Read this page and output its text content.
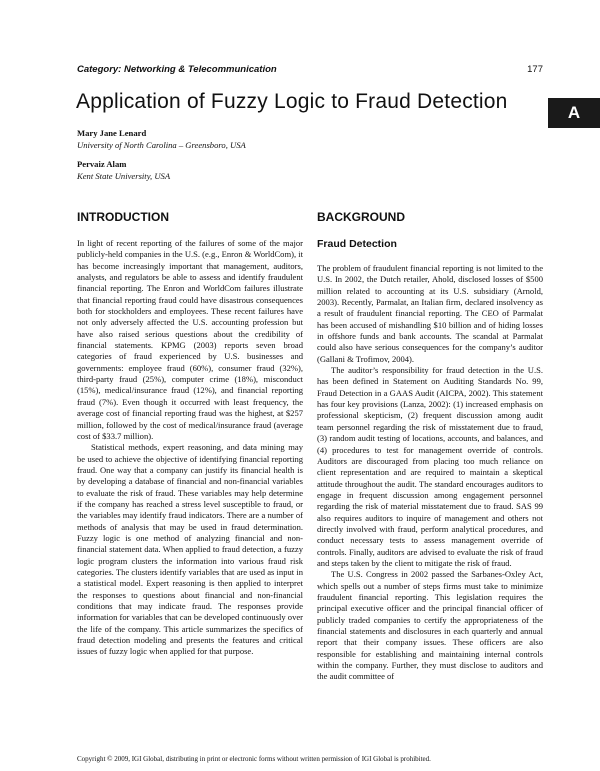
Category: Networking & Telecommunication	177

Application of Fuzzy Logic to Fraud Detection	A

Mary Jane Lenard

University of North Carolina – Greensboro, USA

Pervaiz Alam

Kent State University, USA

INTRODUCTION

In light of recent reporting of the failures of some of the major publicly-held companies in the U.S. (e.g., Enron & WorldCom), it has become increasingly important that management, auditors, analysts, and regulators be able to assess and identify fraudulent financial reporting. The Enron and WorldCom failures illustrate that financial reporting fraud could have disastrous consequences both for stockholders and employees. These recent failures have not only adversely affected the U.S. accounting profession but have also raised serious questions about the credibility of financial statements. KPMG (2003) reports seven broad categories of fraud experienced by U.S. businesses and governments: employee fraud (60%), consumer fraud (32%), third-party fraud (25%), computer crime (18%), misconduct (15%), medical/insurance fraud (12%), and financial reporting fraud (7%). Even though it occurred with least frequency, the average cost of financial reporting fraud was the highest, at $257 million, followed by the cost of medical/insurance fraud (average cost of $33.7 million).

Statistical methods, expert reasoning, and data mining may be used to achieve the objective of identifying financial reporting fraud. One way that a company can justify its financial health is by developing a database of financial and non-financial variables to evaluate the risk of fraud. These variables may help determine if the company has reached a stress level susceptible to fraud, or the variables may identify fraud indicators. There are a number of methods of analysis that may be used in fraud determination. Fuzzy logic is one method of analyzing financial and non-financial statement data. When applied to fraud detection, a fuzzy logic program clusters the information into various fraud risk categories. The clusters identify variables that are used as input in a statistical model. Expert reasoning is then applied to interpret the responses to questions about financial and non-financial conditions that may indicate fraud. The responses provide information for variables that can be developed continuously over the life of the company. This article summarizes the specifics of fraud detection modeling and presents the features and critical issues of fuzzy logic when applied for that purpose.

BACKGROUND
Fraud Detection

The problem of fraudulent financial reporting is not limited to the U.S. In 2002, the Dutch retailer, Ahold, disclosed losses of $500 million related to accounting at its U.S. subsidiary (Arnold, 2003). Recently, Parmalat, an Italian firm, declared insolvency as a result of fraudulent financial reporting. The CEO of Parmalat has been accused of mishandling $10 billion and of hiding losses in offshore funds and bank accounts. The scandal at Parmalat could also have serious consequences for the company’s auditor (Gallani & Trofimov, 2004).

The auditor’s responsibility for fraud detection in the U.S. has been defined in Statement on Auditing Standards No. 99, Fraud Detection in a GAAS Audit (AICPA, 2002). This statement has four key provisions (Lanza, 2002): (1) increased emphasis on professional skepticism, (2) frequent discussion among audit team personnel regarding the risk of misstatement due to fraud, (3) random audit testing of locations, accounts, and balances, and (4) procedures to test for management override of controls. Auditors are discouraged from placing too much reliance on client representation and are required to maintain a skeptical attitude throughout the audit. The standard encourages auditors to engage in frequent discussion among engagement personnel regarding the risk of material misstatement due to fraud. SAS 99 also requires auditors to inquire of management and others not directly involved with fraud, perform analytical procedures, and conduct necessary tests to assess management override of controls. Finally, auditors are advised to evaluate the risk of fraud and steps taken by the client to mitigate the risk of fraud.

The U.S. Congress in 2002 passed the Sarbanes-Oxley Act, which spells out a number of steps firms must take to minimize fraudulent financial reporting. This legislation requires the principal executive officer and the principal financial officer of publicly traded companies to certify the appropriateness of the financial statements and disclosures in each quarterly and annual report that their company issues. These officers are also responsible for establishing and maintaining internal controls within the company. Further, they must disclose to auditors and the audit committee of

Copyright © 2009, IGI Global, distributing in print or electronic forms without written permission of IGI Global is prohibited.
